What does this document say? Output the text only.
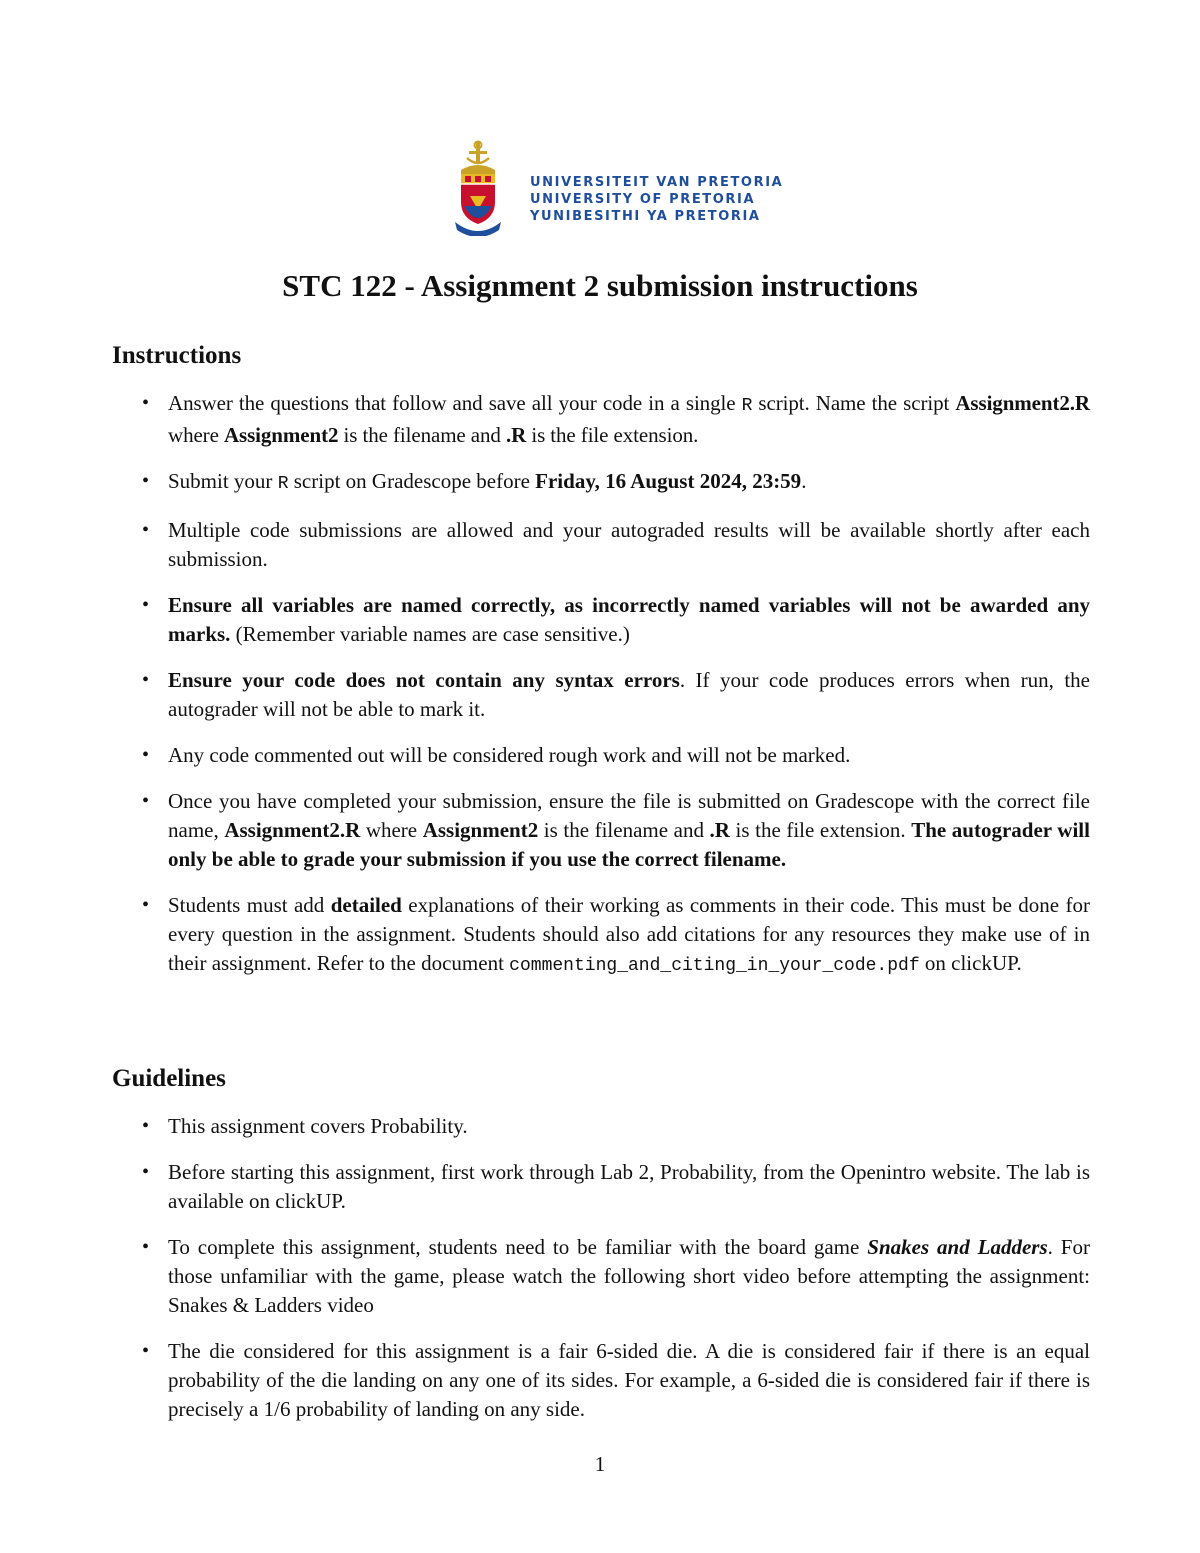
UNIVERSITEIT VAN PRETORIA
UNIVERSITY OF PRETORIA
YUNIBESITHI YA PRETORIA
STC 122 - Assignment 2 submission instructions
Instructions
• Answer the questions that follow and save all your code in a single R script. Name the script Assignment2.R where Assignment2 is the filename and .R is the file extension.
• Submit your R script on Gradescope before Friday, 16 August 2024, 23:59.
• Multiple code submissions are allowed and your autograded results will be available shortly after each submission.
• Ensure all variables are named correctly, as incorrectly named variables will not be awarded any marks. (Remember variable names are case sensitive.)
• Ensure your code does not contain any syntax errors. If your code produces errors when run, the autograder will not be able to mark it.
• Any code commented out will be considered rough work and will not be marked.
• Once you have completed your submission, ensure the file is submitted on Gradescope with the correct file name, Assignment2.R where Assignment2 is the filename and .R is the file extension. The autograder will only be able to grade your submission if you use the correct filename.
• Students must add detailed explanations of their working as comments in their code. This must be done for every question in the assignment. Students should also add citations for any resources they make use of in their assignment. Refer to the document commenting_and_citing_in_your_code.pdf on clickUP.
Guidelines
• This assignment covers Probability.
• Before starting this assignment, first work through Lab 2, Probability, from the Openintro website. The lab is available on clickUP.
• To complete this assignment, students need to be familiar with the board game Snakes and Ladders. For those unfamiliar with the game, please watch the following short video before attempting the assignment: Snakes & Ladders video
• The die considered for this assignment is a fair 6-sided die. A die is considered fair if there is an equal probability of the die landing on any one of its sides. For example, a 6-sided die is considered fair if there is precisely a 1/6 probability of landing on any side.
1
